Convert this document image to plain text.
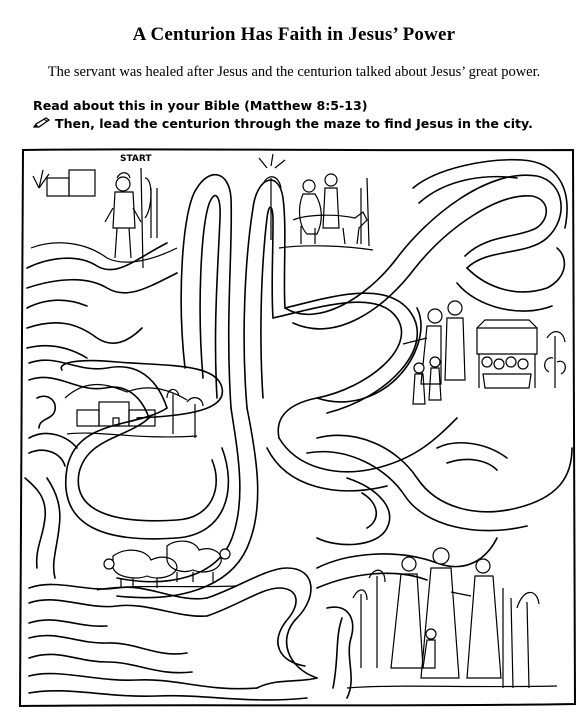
A Centurion Has Faith in Jesus’ Power
The servant was healed after Jesus and the centurion talked about Jesus’ great power.
Read about this in your Bible (Matthew 8:5-13)
Then, lead the centurion through the maze to find Jesus in the city.
START
